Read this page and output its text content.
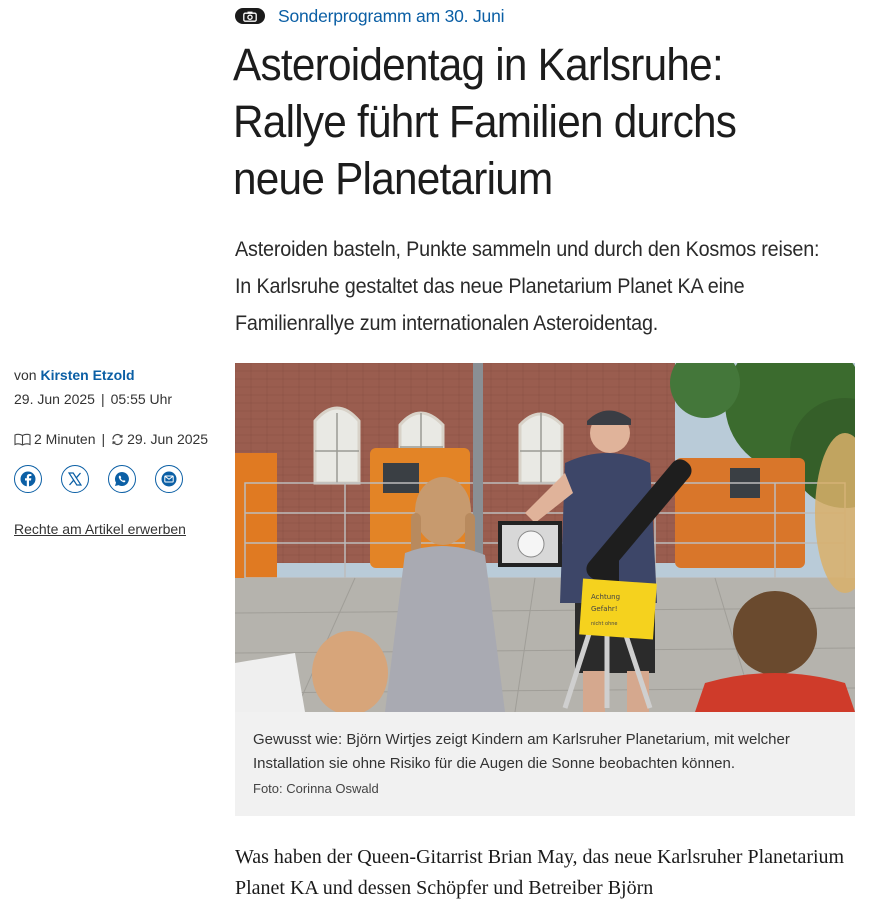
Sonderprogramm am 30. Juni
Asteroidentag in Karlsruhe: Rallye führt Familien durchs neue Planetarium

Asteroiden basteln, Punkte sammeln und durch den Kosmos reisen: In Karlsruhe gestaltet das neue Planetarium Planet KA eine Familienrallye zum internationalen Asteroidentag.

von Kirsten Etzold
29. Jun 2025 | 05:55 Uhr
2 Minuten | 29. Jun 2025
Rechte am Artikel erwerben
Achtung
Gefahr!
nicht ohne

Gewusst wie: Björn Wirtjes zeigt Kindern am Karlsruher Planetarium, mit welcher Installation sie ohne Risiko für die Augen die Sonne beobachten können.

Foto: Corinna Oswald

Was haben der Queen-Gitarrist Brian May, das neue Karlsruher Planetarium Planet KA und dessen Schöpfer und Betreiber Björn
